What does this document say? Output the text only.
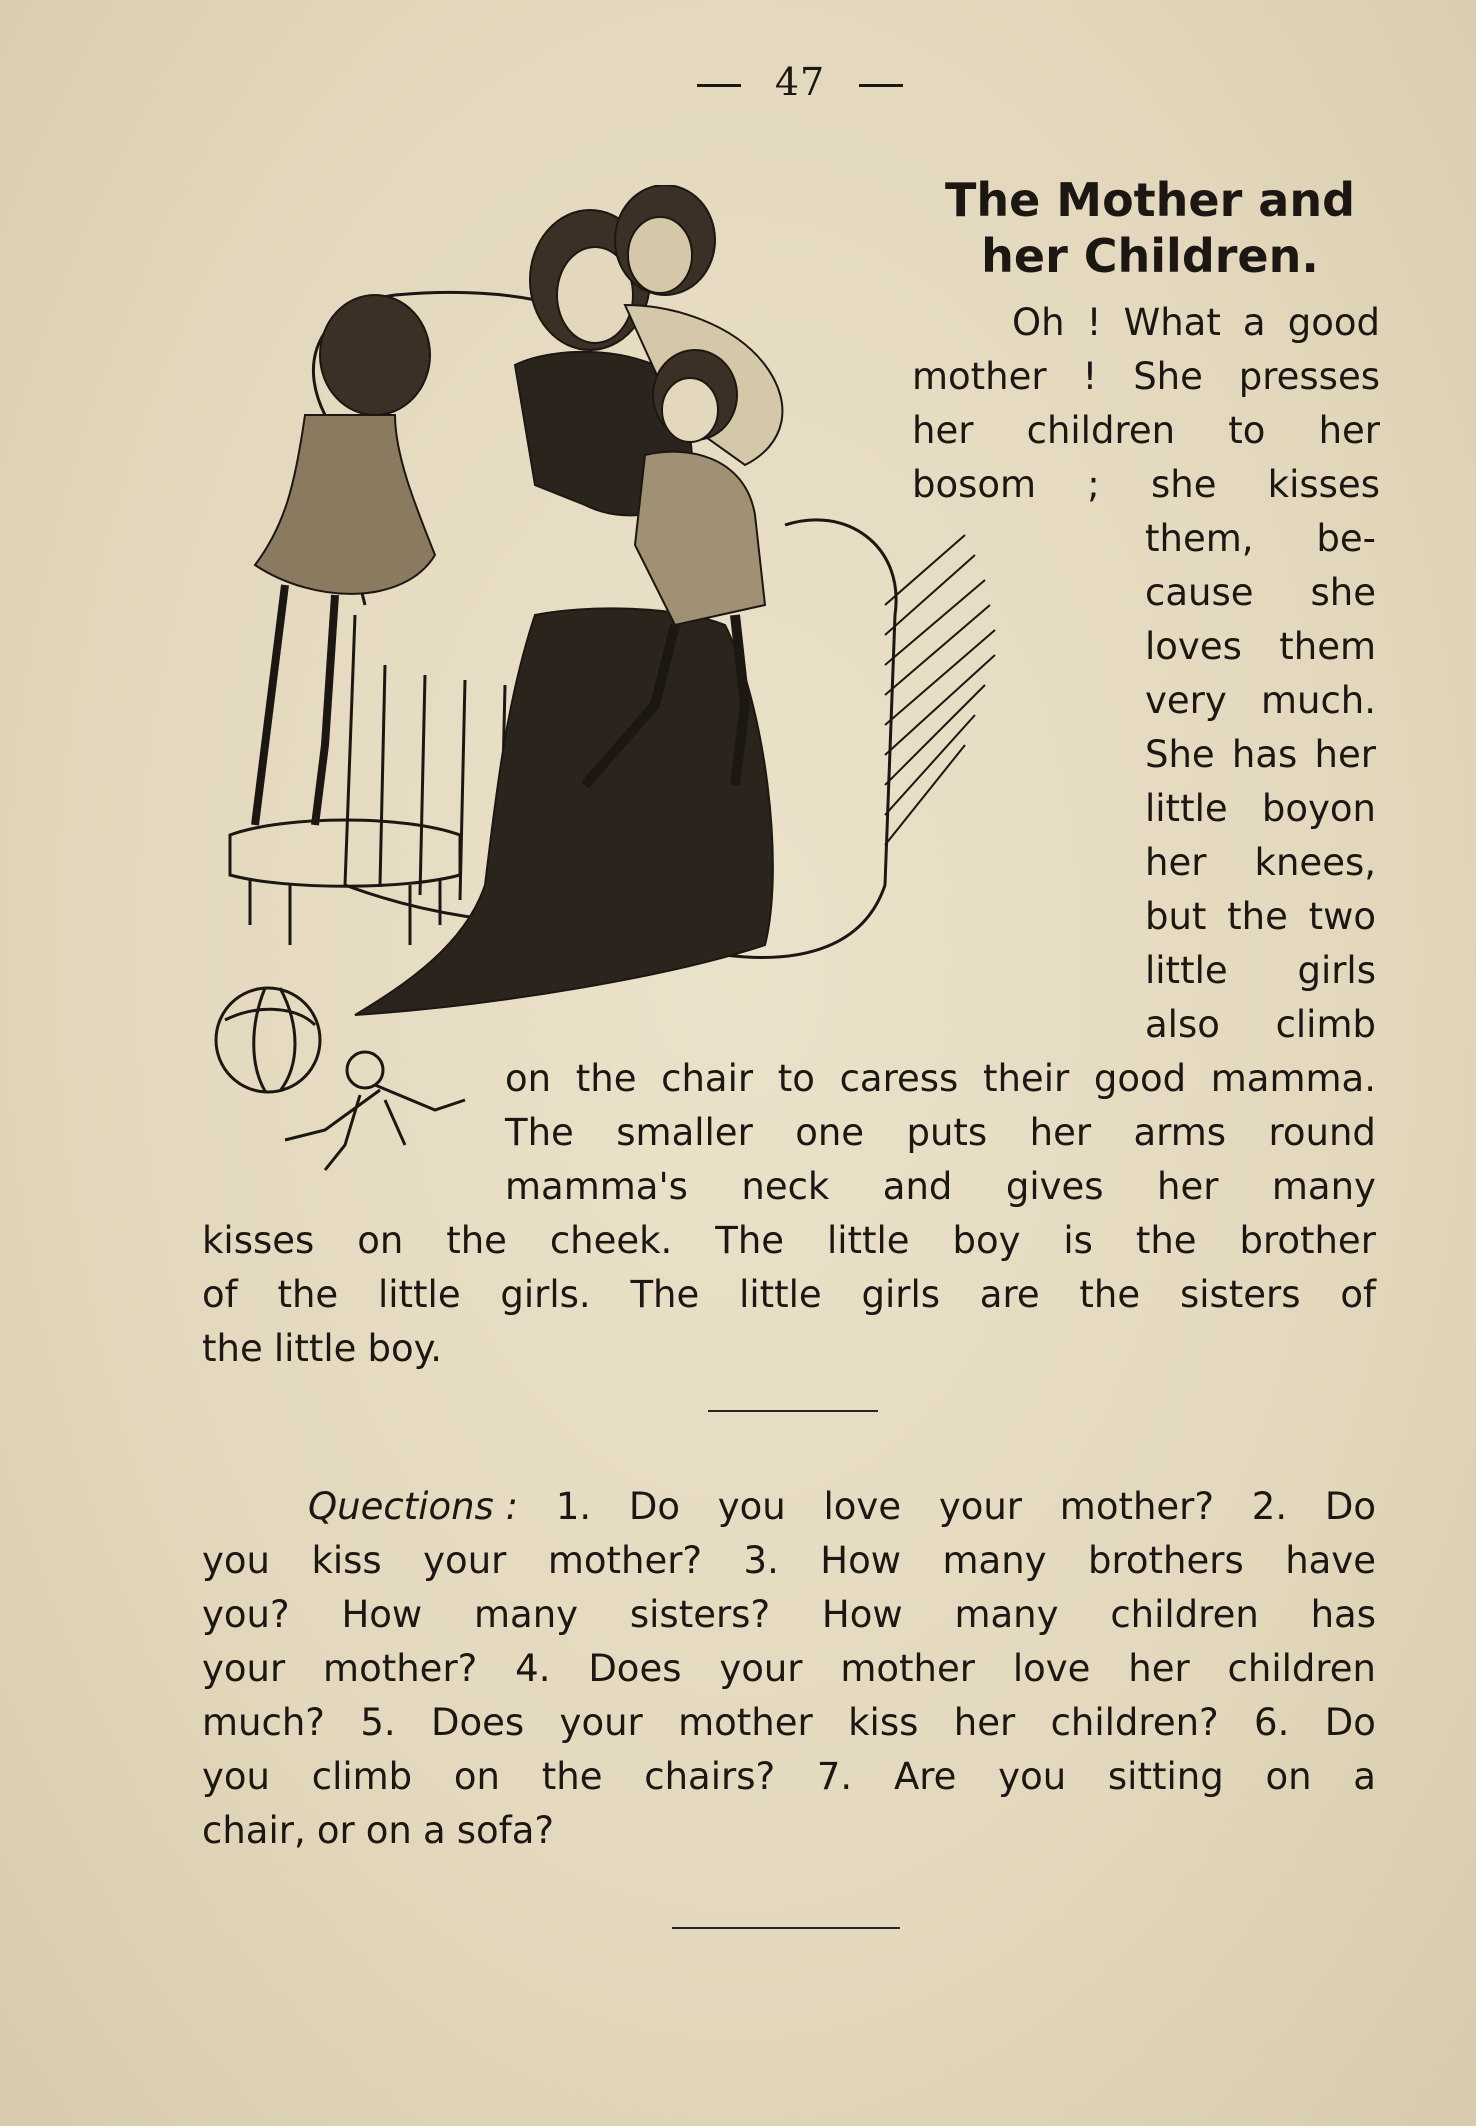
47
The Mother and
her Children.
Oh ! What a good
mother ! She presses
her children to her
bosom ; she kisses
them, be-
cause she
loves them
very much.
She has her
little boyon
her knees,
but the two
little girls
also climb
on the chair to caress their good mamma.
The smaller one puts her arms round
mamma's neck and gives her many
kisses on the cheek. The little boy is the brother
of the little girls. The little girls are the sisters of
the little boy.
Quections : 1. Do you love your mother? 2. Do
you kiss your mother? 3. How many brothers have
you? How many sisters? How many children has
your mother? 4. Does your mother love her children
much? 5. Does your mother kiss her children? 6. Do
you climb on the chairs? 7. Are you sitting on a
chair, or on a sofa?
